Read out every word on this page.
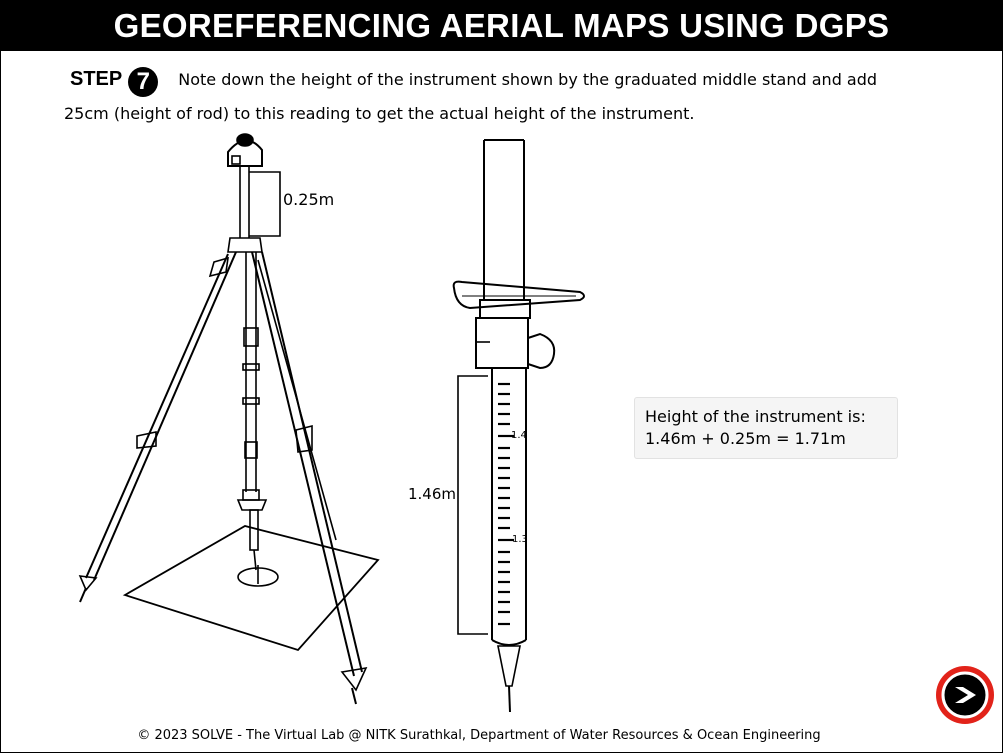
GEOREFERENCING AERIAL MAPS USING DGPS
STEP 7 Note down the height of the instrument shown by the graduated middle stand and add
25cm (height of rod) to this reading to get the actual height of the instrument.
0.25m
1.46m
1.4
1.3
Height of the instrument is:
1.46m + 0.25m = 1.71m
© 2023 SOLVE - The Virtual Lab @ NITK Surathkal, Department of Water Resources & Ocean Engineering
